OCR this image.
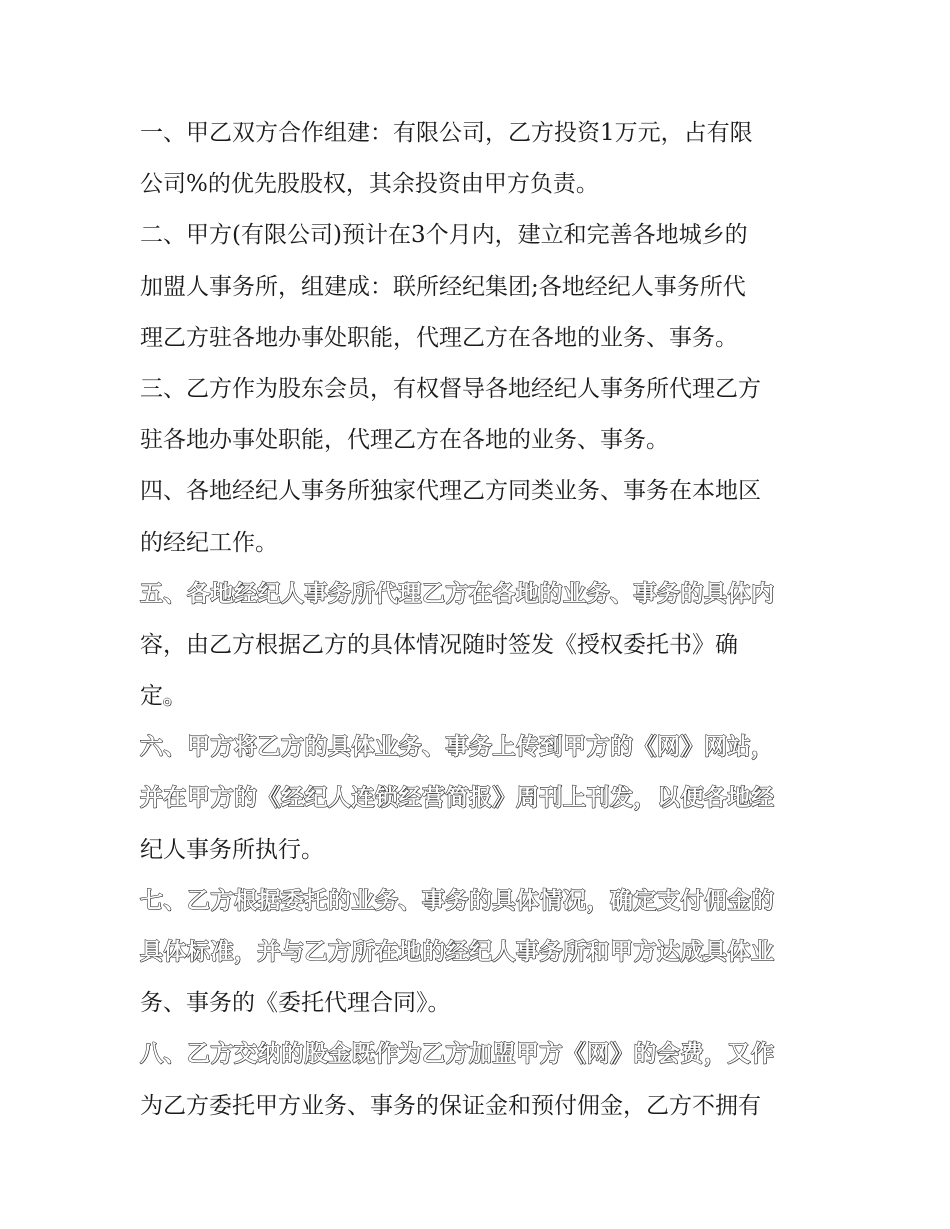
一、甲乙双方合作组建：有限公司，乙方投资1万元，占有限
公司%的优先股股权，其余投资由甲方负责。
二、甲方(有限公司)预计在3个月内，建立和完善各地城乡的
加盟人事务所，组建成：联所经纪集团;各地经纪人事务所代
理乙方驻各地办事处职能，代理乙方在各地的业务、事务。
三、乙方作为股东会员，有权督导各地经纪人事务所代理乙方
驻各地办事处职能，代理乙方在各地的业务、事务。
四、各地经纪人事务所独家代理乙方同类业务、事务在本地区
的经纪工作。
五、各地经纪人事务所代理乙方在各地的业务、事务的具体内
容，由乙方根据乙方的具体情况随时签发《授权委托书》确
定。
六、甲方将乙方的具体业务、事务上传到甲方的《网》网站，
并在甲方的《经纪人连锁经营简报》周刊上刊发，以便各地经
纪人事务所执行。
七、乙方根据委托的业务、事务的具体情况，确定支付佣金的
具体标准，并与乙方所在地的经纪人事务所和甲方达成具体业
务、事务的《委托代理合同》。
八、乙方交纳的股金既作为乙方加盟甲方《网》的会费，又作
为乙方委托甲方业务、事务的保证金和预付佣金，乙方不拥有
